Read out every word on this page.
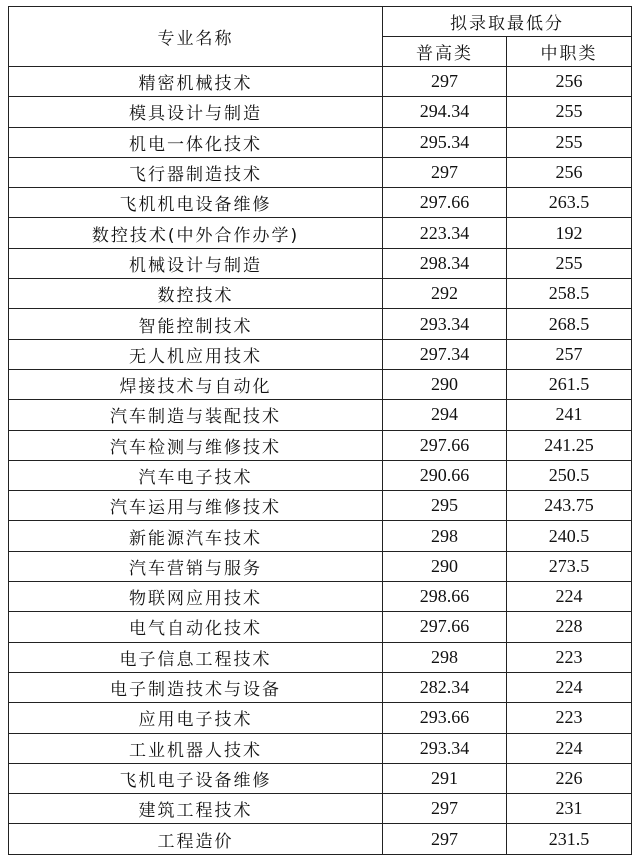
专业名称	拟录取最低分	
	普高类	中职类
精密机械技术	297	256
模具设计与制造	294.34	255
机电一体化技术	295.34	255
飞行器制造技术	297	256
飞机机电设备维修	297.66	263.5
数控技术(中外合作办学)	223.34	192
机械设计与制造	298.34	255
数控技术	292	258.5
智能控制技术	293.34	268.5
无人机应用技术	297.34	257
焊接技术与自动化	290	261.5
汽车制造与装配技术	294	241
汽车检测与维修技术	297.66	241.25
汽车电子技术	290.66	250.5
汽车运用与维修技术	295	243.75
新能源汽车技术	298	240.5
汽车营销与服务	290	273.5
物联网应用技术	298.66	224
电气自动化技术	297.66	228
电子信息工程技术	298	223
电子制造技术与设备	282.34	224
应用电子技术	293.66	223
工业机器人技术	293.34	224
飞机电子设备维修	291	226
建筑工程技术	297	231
工程造价	297	231.5
